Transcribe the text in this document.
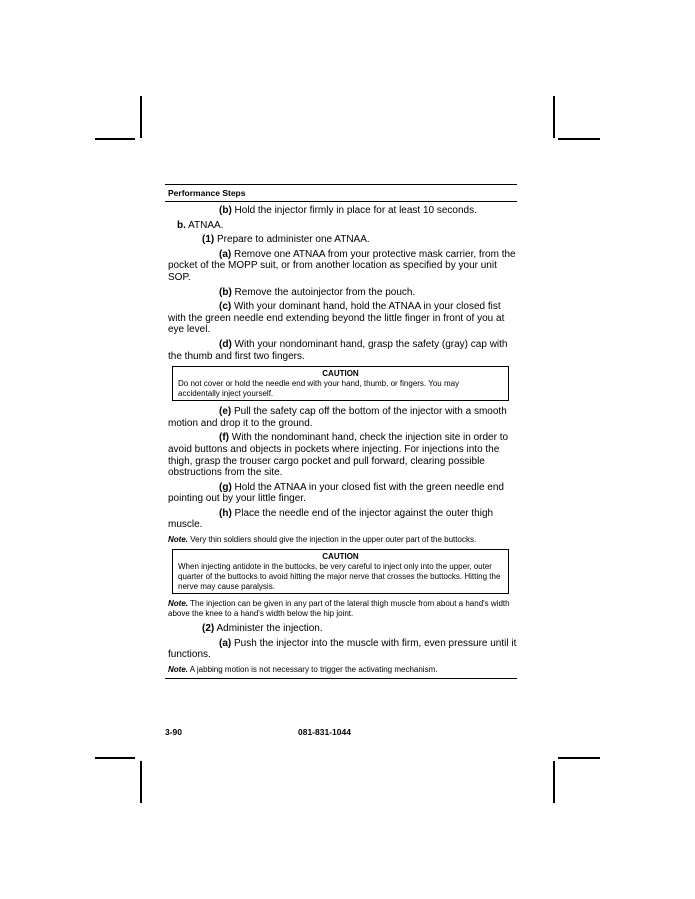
Performance Steps
(b) Hold the injector firmly in place for at least 10 seconds.
b. ATNAA.
(1) Prepare to administer one ATNAA.
(a) Remove one ATNAA from your protective mask carrier, from the pocket of the MOPP suit, or from another location as specified by your unit SOP.
(b) Remove the autoinjector from the pouch.
(c) With your dominant hand, hold the ATNAA in your closed fist with the green needle end extending beyond the little finger in front of you at eye level.
(d) With your nondominant hand, grasp the safety (gray) cap with the thumb and first two fingers.
CAUTION
Do not cover or hold the needle end with your hand, thumb, or fingers. You may accidentally inject yourself.
(e) Pull the safety cap off the bottom of the injector with a smooth motion and drop it to the ground.
(f) With the nondominant hand, check the injection site in order to avoid buttons and objects in pockets where injecting. For injections into the thigh, grasp the trouser cargo pocket and pull forward, clearing possible obstructions from the site.
(g) Hold the ATNAA in your closed fist with the green needle end pointing out by your little finger.
(h) Place the needle end of the injector against the outer thigh muscle.
Note. Very thin soldiers should give the injection in the upper outer part of the buttocks.
CAUTION
When injecting antidote in the buttocks, be very careful to inject only into the upper, outer quarter of the buttocks to avoid hitting the major nerve that crosses the buttocks. Hitting the nerve may cause paralysis.
Note. The injection can be given in any part of the lateral thigh muscle from about a hand's width above the knee to a hand's width below the hip joint.
(2) Administer the injection.
(a) Push the injector into the muscle with firm, even pressure until it functions.
Note. A jabbing motion is not necessary to trigger the activating mechanism.
3-90	081-831-1044
